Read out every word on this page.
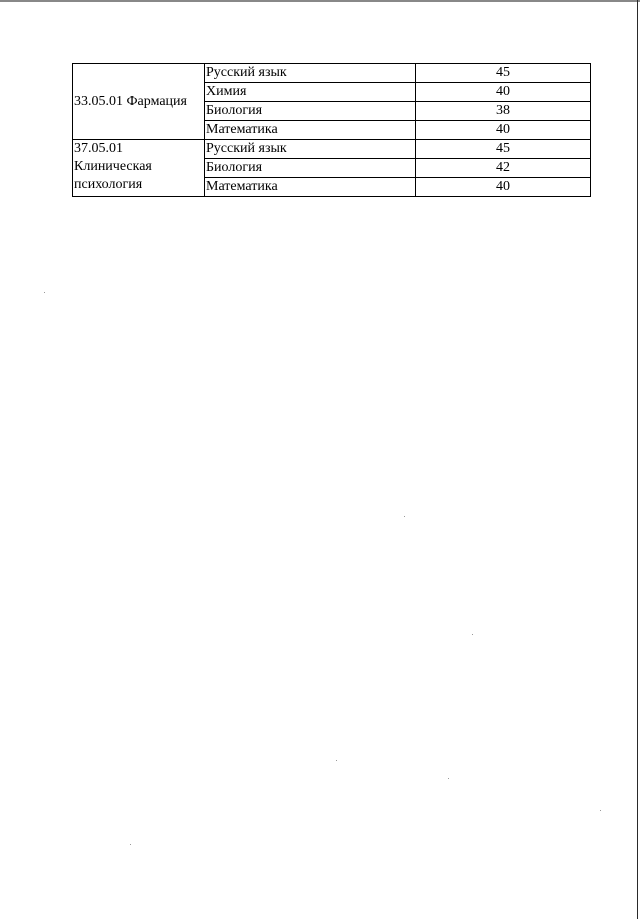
33.05.01 Фармация	Русский язык	45
	Химия	40
	Биология	38
	Математика	40

37.05.01
Клиническая
психология	Русский язык	45
	Биология	42
	Математика	40
